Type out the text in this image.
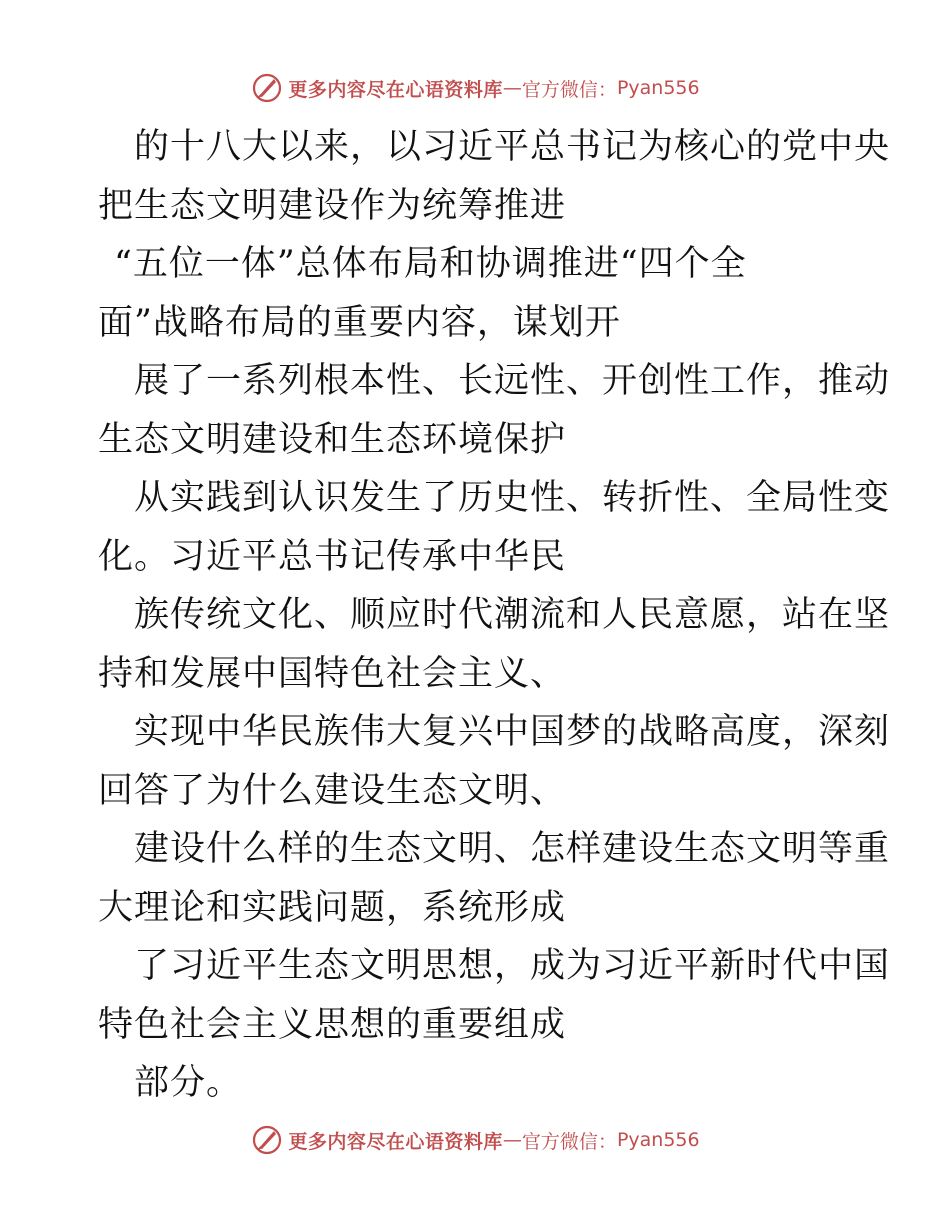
更多内容尽在心语资料库 — 官方微信： Pyan556
的十八大以来，以习近平总书记为核心的党中央
把生态文明建设作为统筹推进
“五位一体”总体布局和协调推进“四个全
面”战略布局的重要内容，谋划开
展了一系列根本性、长远性、开创性工作，推动
生态文明建设和生态环境保护
从实践到认识发生了历史性、转折性、全局性变
化。习近平总书记传承中华民
族传统文化、顺应时代潮流和人民意愿，站在坚
持和发展中国特色社会主义、
实现中华民族伟大复兴中国梦的战略高度，深刻
回答了为什么建设生态文明、
建设什么样的生态文明、怎样建设生态文明等重
大理论和实践问题，系统形成
了习近平生态文明思想，成为习近平新时代中国
特色社会主义思想的重要组成
部分。
更多内容尽在心语资料库 — 官方微信： Pyan556
